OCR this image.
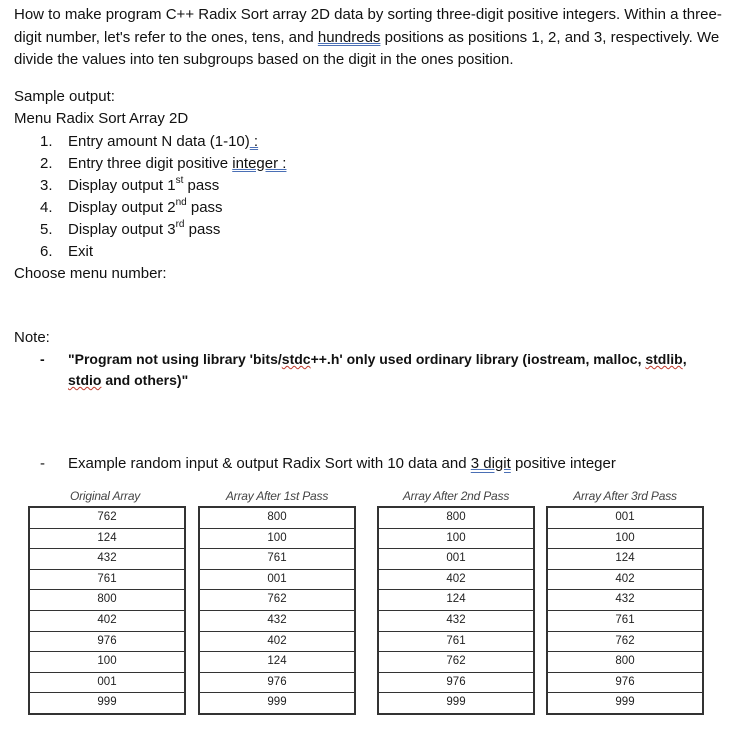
How to make program C++ Radix Sort array 2D data by sorting three-digit positive integers. Within a three-digit number, let's refer to the ones, tens, and hundreds positions as positions 1, 2, and 3, respectively. We divide the values into ten subgroups based on the digit in the ones position.

Sample output:
Menu Radix Sort Array 2D
1. Entry amount N data (1-10) :
2. Entry three digit positive integer :
3. Display output 1st pass
4. Display output 2nd pass
5. Display output 3rd pass
6. Exit
Choose menu number:
Note:
- "Program not using library 'bits/stdc++.h' only used ordinary library (iostream, malloc, stdlib,
stdio and others)"
- Example random input & output Radix Sort with 10 data and 3 digit positive integer
Original Array
762
124
432
761
800
402
976
100
001
999
Array After 1st Pass
800
100
761
001
762
432
402
124
976
999
Array After 2nd Pass
800
100
001
402
124
432
761
762
976
999
Array After 3rd Pass
001
100
124
402
432
761
762
800
976
999
